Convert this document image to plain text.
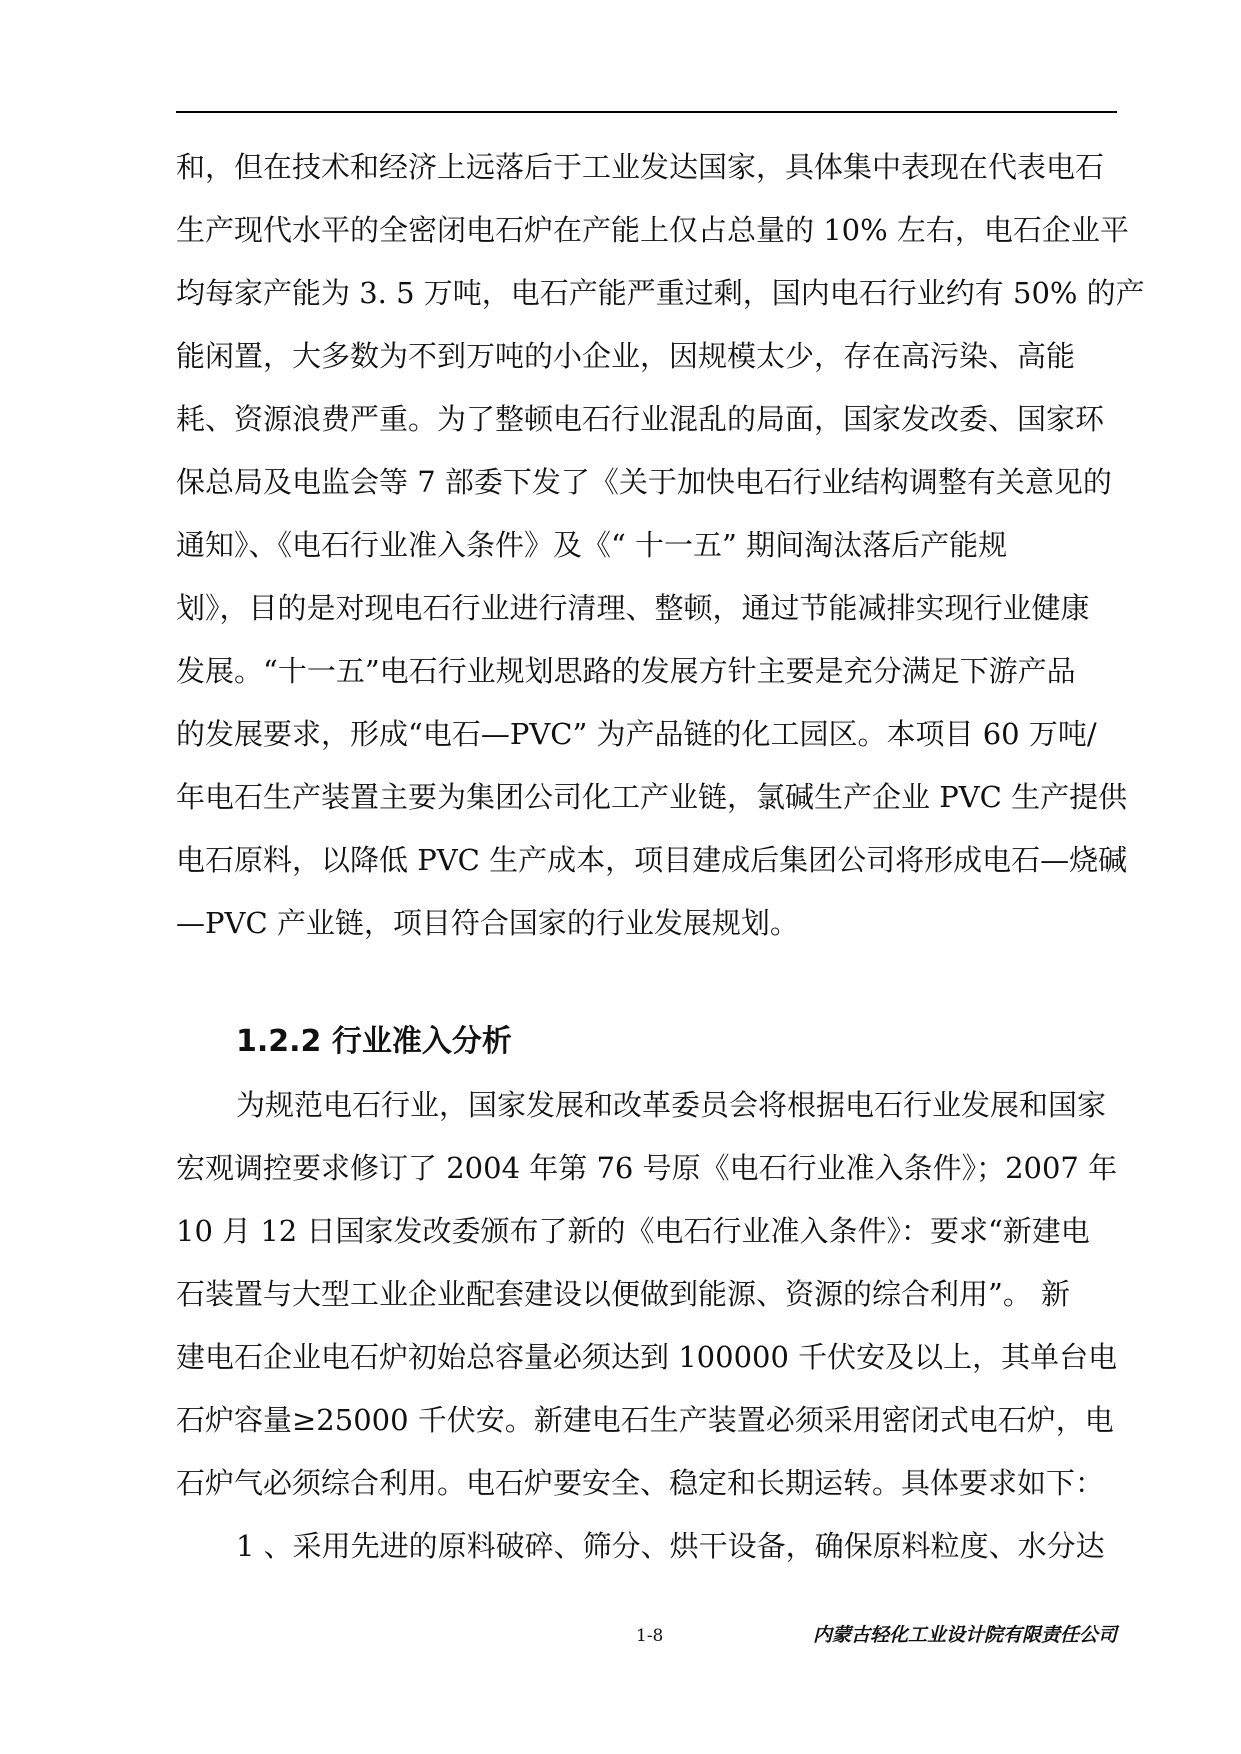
和，但在技术和经济上远落后于工业发达国家，具体集中表现在代表电石
生产现代水平的全密闭电石炉在产能上仅占总量的 10% 左右，电石企业平
均每家产能为 3. 5 万吨，电石产能严重过剩，国内电石行业约有 50% 的产
能闲置，大多数为不到万吨的小企业，因规模太少，存在高污染、高能
耗、资源浪费严重。为了整顿电石行业混乱的局面，国家发改委、国家环
保总局及电监会等 7 部委下发了《关于加快电石行业结构调整有关意见的
通知》、《电石行业准入条件》及《“ 十一五” 期间淘汰落后产能规
划》，目的是对现电石行业进行清理、整顿，通过节能减排实现行业健康
发展。“十一五”电石行业规划思路的发展方针主要是充分满足下游产品
的发展要求，形成“电石—PVC” 为产品链的化工园区。本项目 60 万吨/
年电石生产装置主要为集团公司化工产业链，氯碱生产企业 PVC 生产提供
电石原料，以降低 PVC 生产成本，项目建成后集团公司将形成电石—烧碱
—PVC 产业链，项目符合国家的行业发展规划。
1.2.2 行业准入分析
为规范电石行业，国家发展和改革委员会将根据电石行业发展和国家
宏观调控要求修订了 2004 年第 76 号原《电石行业准入条件》；2007 年
10 月 12 日国家发改委颁布了新的《电石行业准入条件》：要求“新建电
石装置与大型工业企业配套建设以便做到能源、资源的综合利用”。 新
建电石企业电石炉初始总容量必须达到 100000 千伏安及以上，其单台电
石炉容量≥25000 千伏安。新建电石生产装置必须采用密闭式电石炉，电
石炉气必须综合利用。电石炉要安全、稳定和长期运转。具体要求如下：
1 、采用先进的原料破碎、筛分、烘干设备，确保原料粒度、水分达
1-8	内蒙古轻化工业设计院有限责任公司
